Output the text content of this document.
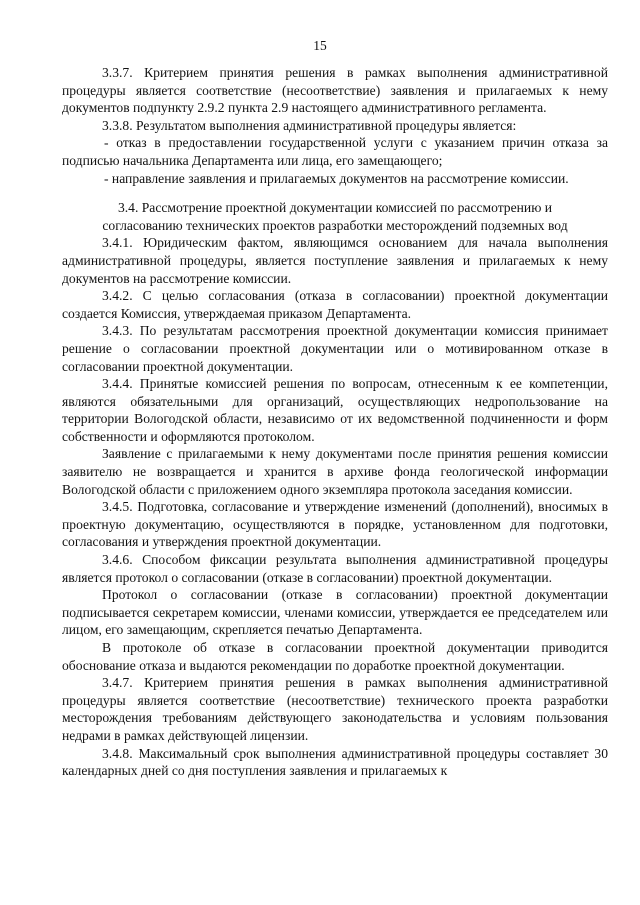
15

3.3.7. Критерием принятия решения в рамках выполнения административной процедуры является соответствие (несоответствие) заявления и прилагаемых к нему документов подпункту 2.9.2 пункта 2.9 настоящего административного регламента.

3.3.8. Результатом выполнения административной процедуры является:

- отказ в предоставлении государственной услуги с указанием причин отказа за подписью начальника Департамента или лица, его замещающего;

- направление заявления и прилагаемых документов на рассмотрение комиссии.

3.4. Рассмотрение проектной документации комиссией по рассмотрению и
согласованию технических проектов разработки месторождений подземных вод

3.4.1. Юридическим фактом, являющимся основанием для начала выполнения административной процедуры, является поступление заявления и прилагаемых к нему документов на рассмотрение комиссии.

3.4.2. С целью согласования (отказа в согласовании) проектной документации создается Комиссия, утверждаемая приказом Департамента.

3.4.3. По результатам рассмотрения проектной документации комиссия принимает решение о согласовании проектной документации или о мотивированном отказе в согласовании проектной документации.

3.4.4. Принятые комиссией решения по вопросам, отнесенным к ее компетенции, являются обязательными для организаций, осуществляющих недропользование на территории Вологодской области, независимо от их ведомственной подчиненности и форм собственности и оформляются протоколом.

Заявление с прилагаемыми к нему документами после принятия решения комиссии заявителю не возвращается и хранится в архиве фонда геологической информации Вологодской области с приложением одного экземпляра протокола заседания комиссии.

3.4.5. Подготовка, согласование и утверждение изменений (дополнений), вносимых в проектную документацию, осуществляются в порядке, установленном для подготовки, согласования и утверждения проектной документации.

3.4.6. Способом фиксации результата выполнения административной процедуры является протокол о согласовании (отказе в согласовании) проектной документации.

Протокол о согласовании (отказе в согласовании) проектной документации подписывается секретарем комиссии, членами комиссии, утверждается ее председателем или лицом, его замещающим, скрепляется печатью Департамента.

В протоколе об отказе в согласовании проектной документации приводится обоснование отказа и выдаются рекомендации по доработке проектной документации.

3.4.7. Критерием принятия решения в рамках выполнения административной процедуры является соответствие (несоответствие) технического проекта разработки месторождения требованиям действующего законодательства и условиям пользования недрами в рамках действующей лицензии.

3.4.8. Максимальный срок выполнения административной процедуры составляет 30 календарных дней со дня поступления заявления и прилагаемых к
